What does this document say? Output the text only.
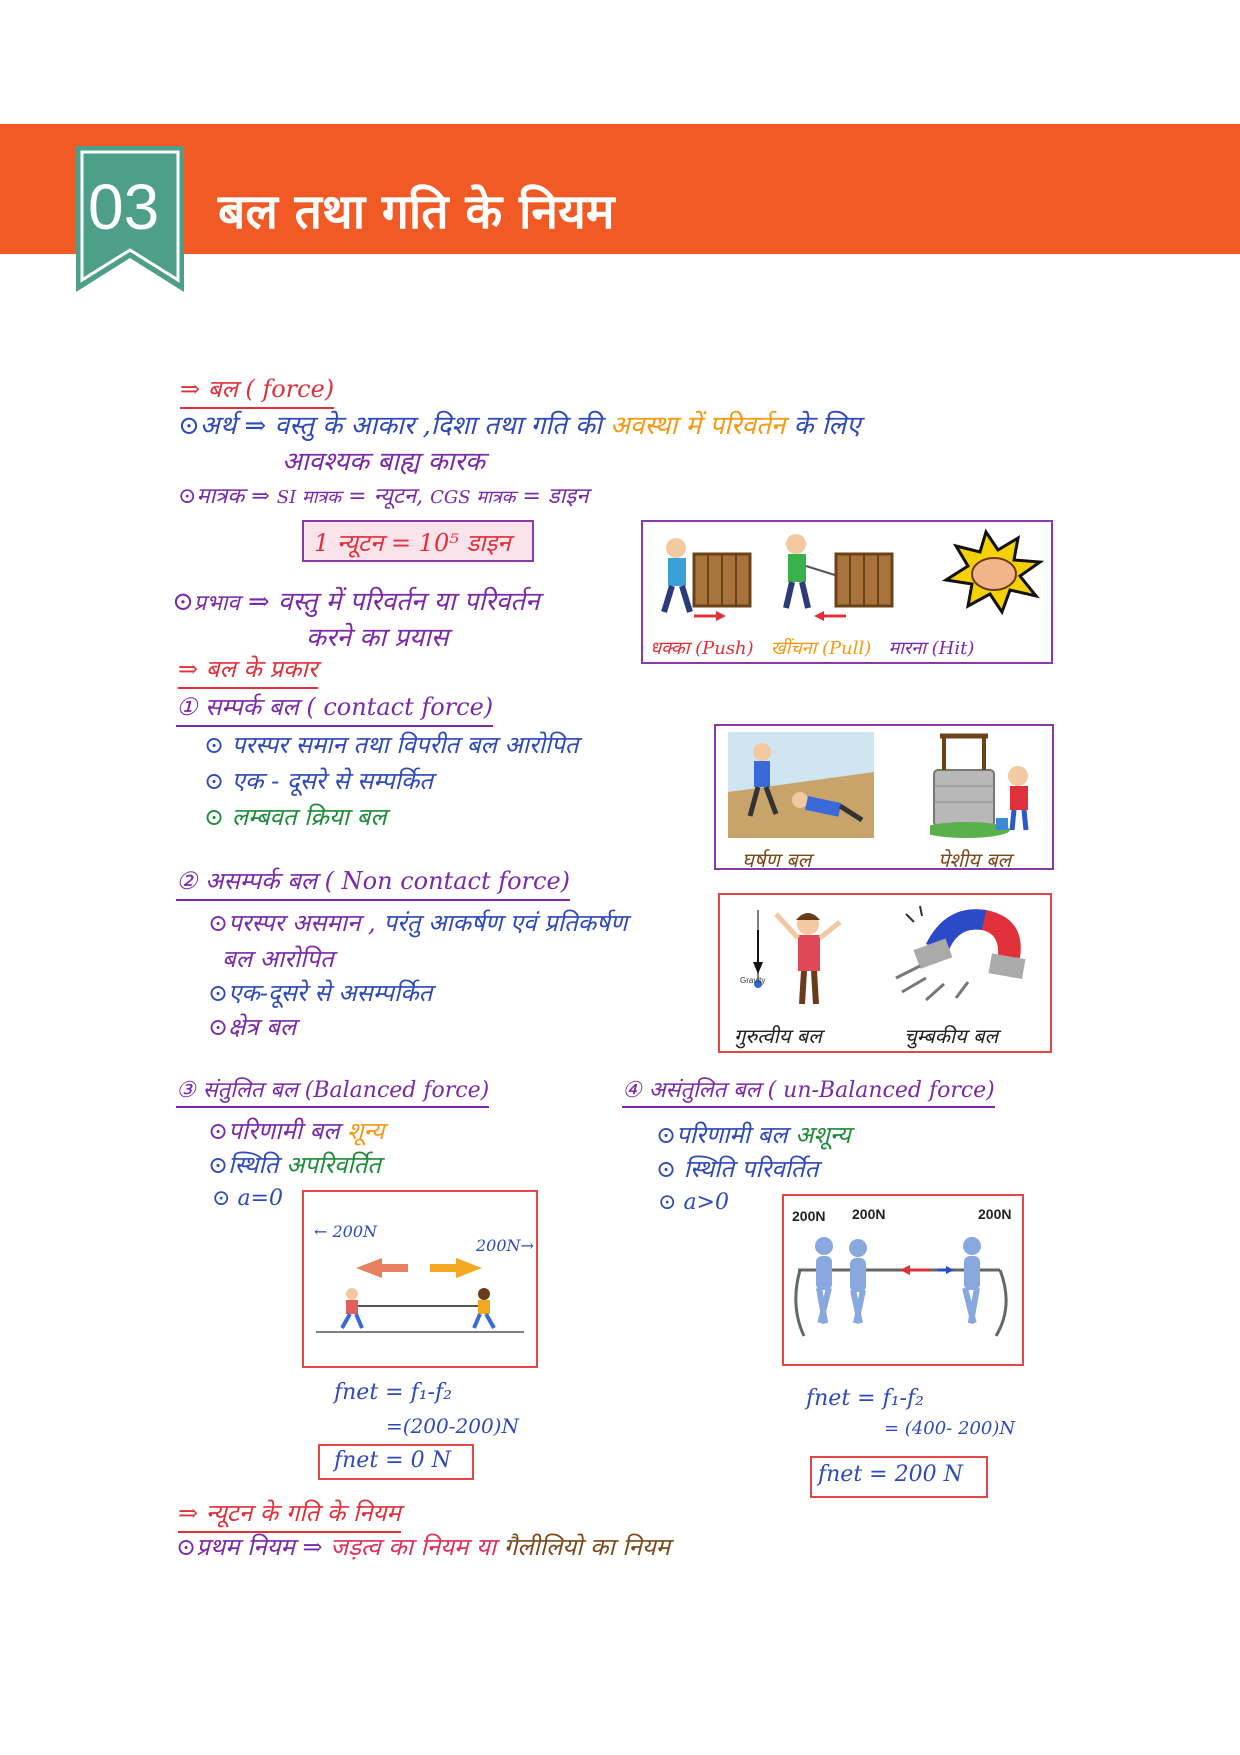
03 बल तथा गति के नियम
⇒ बल ( force)
⊙अर्थ ⇒ वस्तु के आकार ,दिशा तथा गति की अवस्था में परिवर्तन के लिए
आवश्यक बाह्य कारक
⊙मात्रक ⇒ SI मात्रक = न्यूटन, CGS मात्रक = डाइन
1 न्यूटन = 10⁵ डाइन
⊙प्रभाव ⇒ वस्तु में परिवर्तन या परिवर्तन
करने का प्रयास	धक्का (Push) खींचना (Pull) मारना (Hit)
⇒ बल के प्रकार
① सम्पर्क बल ( contact force)
⊙ परस्पर समान तथा विपरीत बल आरोपित
⊙ एक - दूसरे से सम्पर्कित
⊙ लम्बवत क्रिया बल
घर्षण बल	पेशीय बल
② असम्पर्क बल ( Non contact force)
⊙परस्पर असमान , परंतु आकर्षण एवं प्रतिकर्षण
बल आरोपित
⊙एक-दूसरे से असम्पर्कित
⊙क्षेत्र बल
Gravity
गुरुत्वीय बल	चुम्बकीय बल
③ संतुलित बल (Balanced force)
⊙परिणामी बल शून्य
⊙स्थिति अपरिवर्तित
⊙ a=0
← 200N
200N→
fnet = f₁-f₂
=(200-200)N
fnet = 0 N
④ असंतुलित बल ( un-Balanced force)
⊙परिणामी बल अशून्य
⊙ स्थिति परिवर्तित
⊙ a>0
200N 200N	200N
fnet = f₁-f₂
= (400- 200)N
fnet = 200 N
⇒ न्यूटन के गति के नियम
⊙प्रथम नियम ⇒ जड़त्व का नियम या गैलीलियो का नियम
